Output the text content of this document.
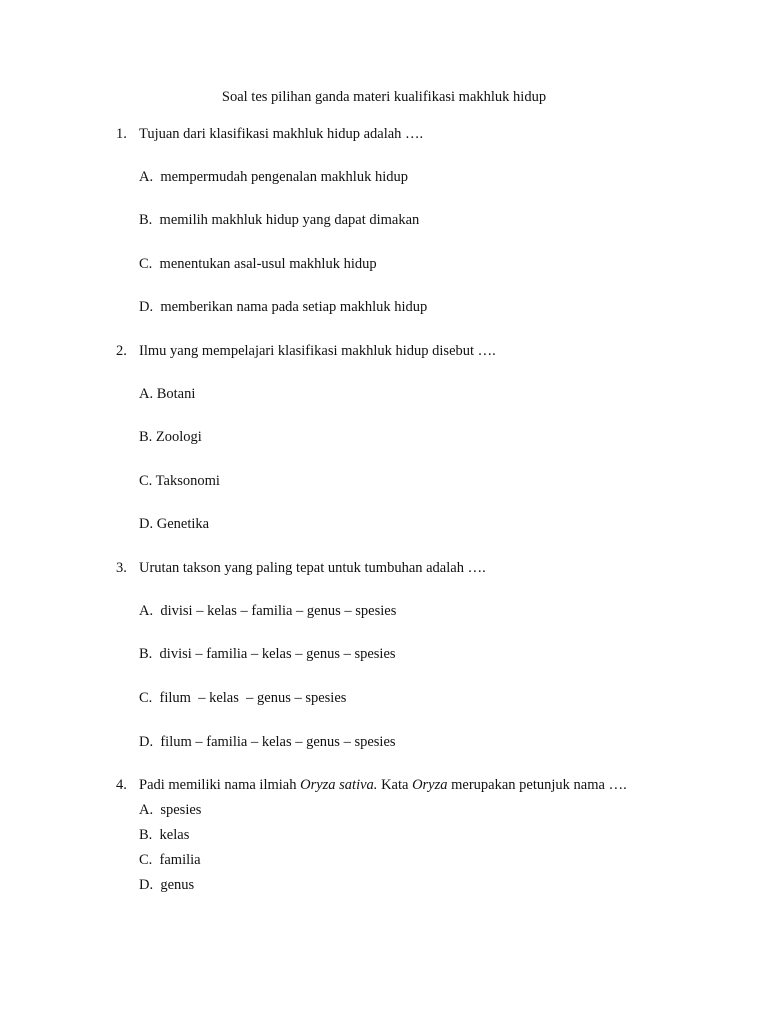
Soal tes pilihan ganda materi kualifikasi makhluk hidup
1. Tujuan dari klasifikasi makhluk hidup adalah ….
A.  mempermudah pengenalan makhluk hidup
B.  memilih makhluk hidup yang dapat dimakan
C.  menentukan asal-usul makhluk hidup
D.  memberikan nama pada setiap makhluk hidup
2. Ilmu yang mempelajari klasifikasi makhluk hidup disebut ….
A. Botani
B. Zoologi
C. Taksonomi
D. Genetika
3. Urutan takson yang paling tepat untuk tumbuhan adalah ….
A.  divisi – kelas – familia – genus – spesies
B.  divisi – familia – kelas – genus – spesies
C.  filum  – kelas  – genus – spesies
D.  filum – familia – kelas – genus – spesies
4. Padi memiliki nama ilmiah Oryza sativa. Kata Oryza merupakan petunjuk nama ….
A.  spesies
B.  kelas
C.  familia
D.  genus
